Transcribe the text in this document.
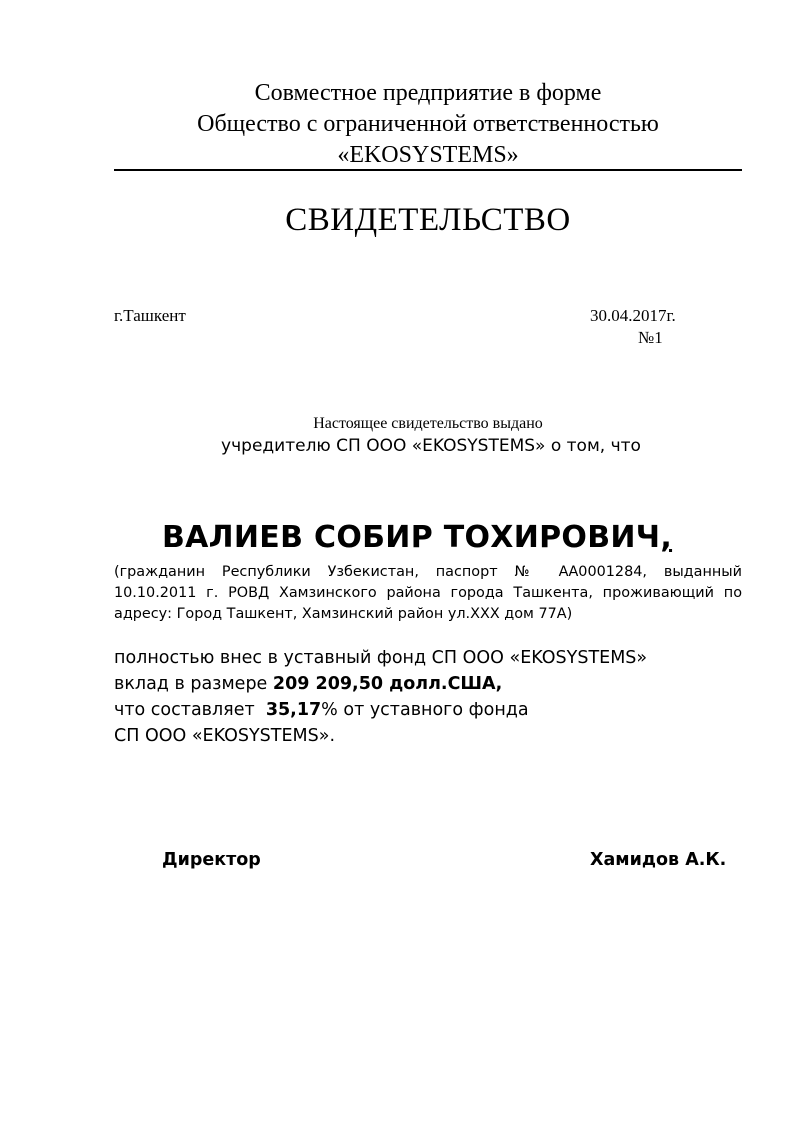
Совместное предприятие в форме
Общество с ограниченной ответственностью
«EKOSYSTEMS»
СВИДЕТЕЛЬСТВО
г.Ташкент	30.04.2017г.
№1
Настоящее свидетельство выдано
учредителю СП ООО «EKOSYSTEMS» о том, что
ВАЛИЕВ СОБИР ТОХИРОВИЧ,
(гражданин Республики Узбекистан, паспорт № АА0001284, выданный 10.10.2011 г. РОВД Хамзинского района города Ташкента, проживающий по адресу: Город Ташкент, Хамзинский район ул.XXX дом 77А)
полностью внес в уставный фонд СП ООО «EKOSYSTEMS»
вклад в размере 209 209,50 долл.США,
что составляет  35,17% от уставного фонда
СП ООО «EKOSYSTEMS».
Директор	Хамидов А.К.
